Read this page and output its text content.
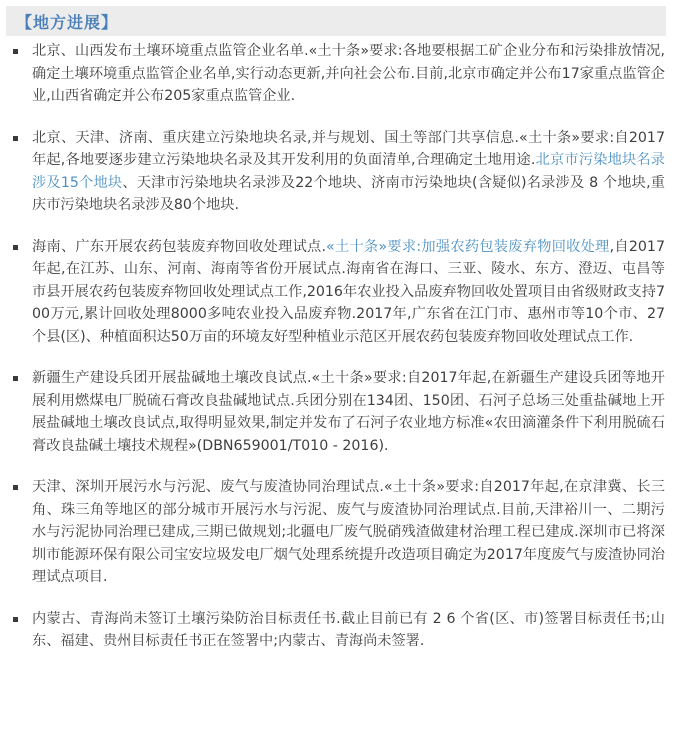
【地方进展】
北京、山西发布土壤环境重点监管企业名单.«土十条»要求:各地要根据工矿企业分布和污染排放情况,确定土壤环境重点监管企业名单,实行动态更新,并向社会公布.目前,北京市确定并公布17家重点监管企业,山西省确定并公布205家重点监管企业.
北京、天津、济南、重庆建立污染地块名录,并与规划、国土等部门共享信息.«土十条»要求:自2017年起,各地要逐步建立污染地块名录及其开发利用的负面清单,合理确定土地用途.北京市污染地块名录涉及15个地块、天津市污染地块名录涉及22个地块、济南市污染地块(含疑似)名录涉及 8 个地块,重庆市污染地块名录涉及80个地块.
海南、广东开展农药包装废弃物回收处理试点.«土十条»要求:加强农药包装废弃物回收处理,自2017年起,在江苏、山东、河南、海南等省份开展试点.海南省在海口、三亚、陵水、东方、澄迈、屯昌等市县开展农药包装废弃物回收处理试点工作,2016年农业投入品废弃物回收处置项目由省级财政支持700万元,累计回收处理8000多吨农业投入品废弃物.2017年,广东省在江门市、惠州市等10个市、27个县(区)、种植面积达50万亩的环境友好型种植业示范区开展农药包装废弃物回收处理试点工作.
新疆生产建设兵团开展盐碱地土壤改良试点.«土十条»要求:自2017年起,在新疆生产建设兵团等地开展利用燃煤电厂脱硫石膏改良盐碱地试点.兵团分别在134团、150团、石河子总场三处重盐碱地上开展盐碱地土壤改良试点,取得明显效果,制定并发布了石河子农业地方标准«农田滴灌条件下利用脱硫石膏改良盐碱土壤技术规程»(DBN659001/T010 - 2016).
天津、深圳开展污水与污泥、废气与废渣协同治理试点.«土十条»要求:自2017年起,在京津冀、长三角、珠三角等地区的部分城市开展污水与污泥、废气与废渣协同治理试点.目前,天津裕川一、二期污水与污泥协同治理已建成,三期已做规划;北疆电厂废气脱硝残渣做建材治理工程已建成.深圳市已将深圳市能源环保有限公司宝安垃圾发电厂烟气处理系统提升改造项目确定为2017年度废气与废渣协同治理试点项目.
内蒙古、青海尚未签订土壤污染防治目标责任书.截止目前已有 2 6 个省(区、市)签署目标责任书;山东、福建、贵州目标责任书正在签署中;内蒙古、青海尚未签署.
